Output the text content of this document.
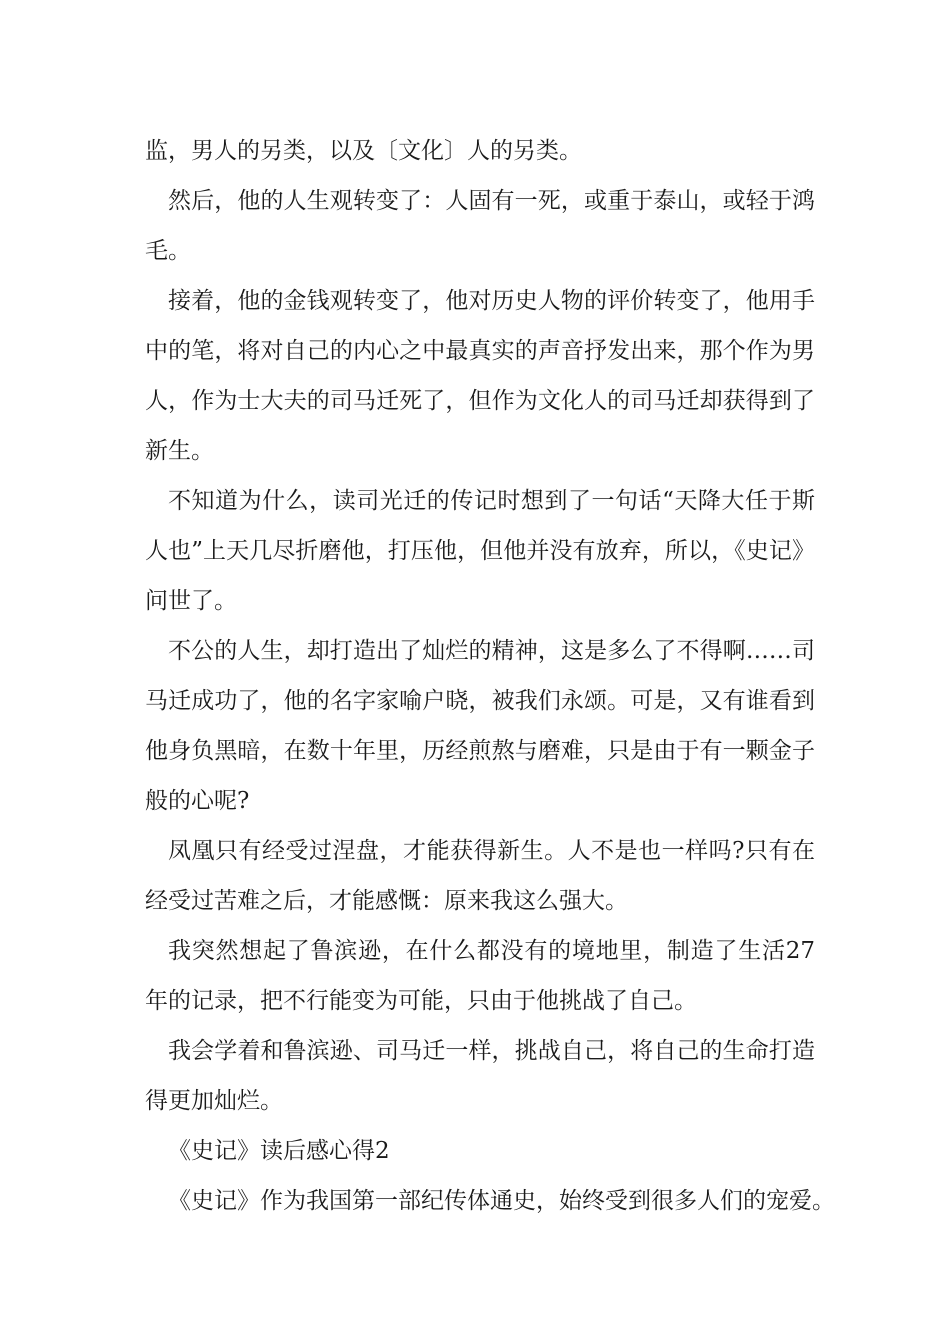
监，男人的另类，以及〔文化〕人的另类。

然后，他的人生观转变了：人固有一死，或重于泰山，或轻于鸿毛。

接着，他的金钱观转变了，他对历史人物的评价转变了，他用手中的笔，将对自己的内心之中最真实的声音抒发出来，那个作为男人，作为士大夫的司马迁死了，但作为文化人的司马迁却获得到了新生。

不知道为什么，读司光迁的传记时想到了一句话“天降大任于斯人也”上天几尽折磨他，打压他，但他并没有放弃，所以，《史记》问世了。

不公的人生，却打造出了灿烂的精神，这是多么了不得啊……司马迁成功了，他的名字家喻户晓，被我们永颂。可是，又有谁看到他身负黑暗，在数十年里，历经煎熬与磨难，只是由于有一颗金子般的心呢?

凤凰只有经受过涅盘，才能获得新生。人不是也一样吗?只有在经受过苦难之后，才能感慨：原来我这么强大。

我突然想起了鲁滨逊，在什么都没有的境地里，制造了生活27年的记录，把不行能变为可能，只由于他挑战了自己。

我会学着和鲁滨逊、司马迁一样，挑战自己，将自己的生命打造得更加灿烂。

《史记》读后感心得2

《史记》作为我国第一部纪传体通史，始终受到很多人们的宠爱。
